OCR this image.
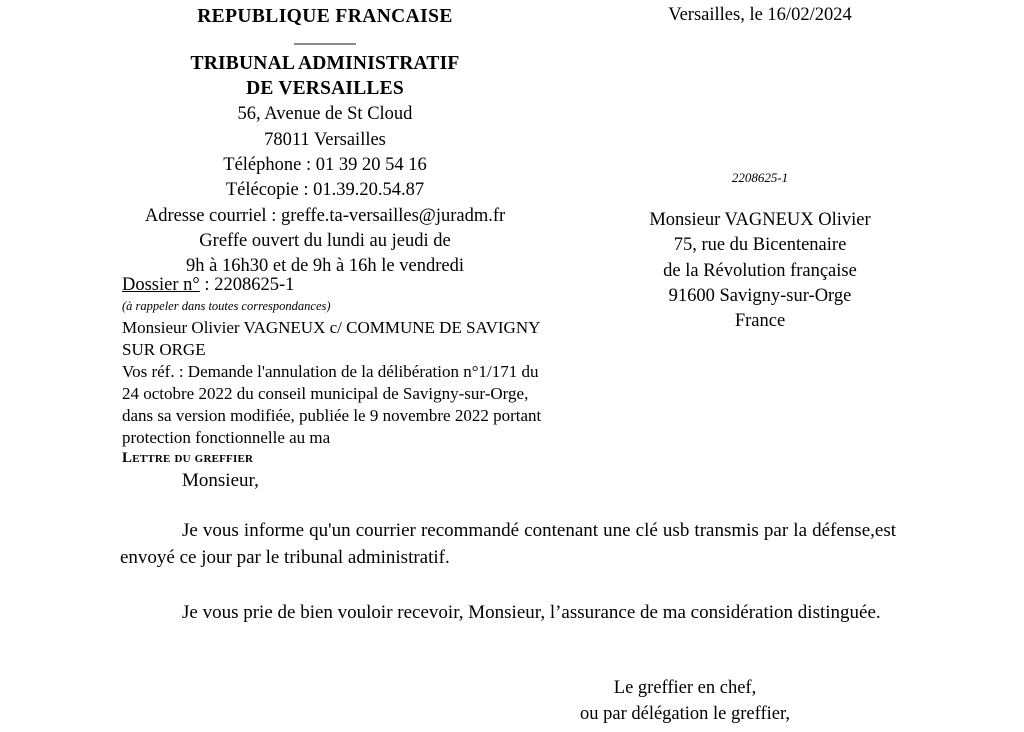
REPUBLIQUE FRANCAISE
TRIBUNAL ADMINISTRATIF
DE VERSAILLES
56, Avenue de St Cloud
78011 Versailles
Téléphone : 01 39 20 54 16
Télécopie : 01.39.20.54.87
Adresse courriel : greffe.ta-versailles@juradm.fr
Greffe ouvert du lundi au jeudi de
9h à 16h30 et de 9h à 16h le vendredi
Versailles, le 16/02/2024
2208625-1
Monsieur VAGNEUX Olivier
75, rue du Bicentenaire
de la Révolution française
91600 Savigny-sur-Orge
France
Dossier n° : 2208625-1
(à rappeler dans toutes correspondances)
Monsieur Olivier VAGNEUX c/ COMMUNE DE SAVIGNY SUR ORGE
Vos réf. : Demande l'annulation de la délibération n°1/171 du 24 octobre 2022 du conseil municipal de Savigny-sur-Orge, dans sa version modifiée, publiée le 9 novembre 2022 portant protection fonctionnelle au ma
Lettre du greffier
Monsieur,
Je vous informe qu'un courrier recommandé contenant une clé usb transmis par la défense,est envoyé ce jour par le tribunal administratif.
Je vous prie de bien vouloir recevoir, Monsieur, l’assurance de ma considération distinguée.
Le greffier en chef,
ou par délégation le greffier,
